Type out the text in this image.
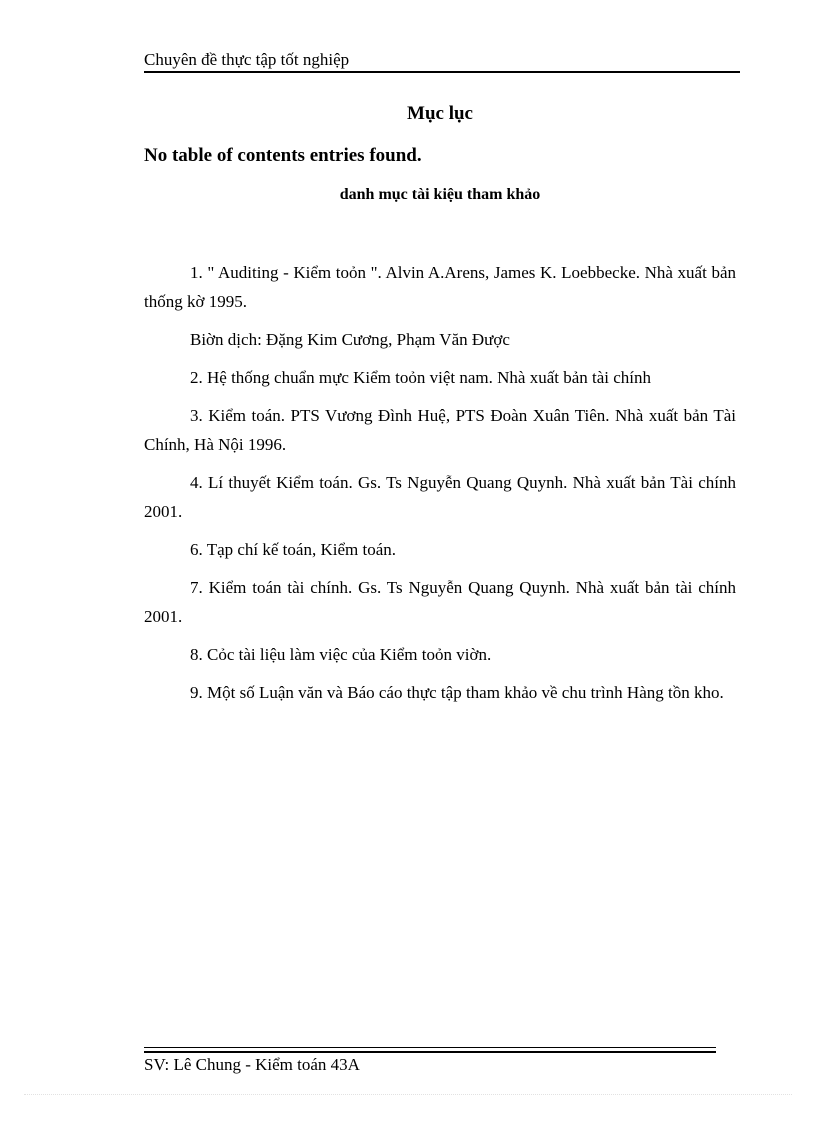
Chuyên đề thực tập tốt nghiệp
Mục lục
No table of contents entries found.
danh mục tài kiệu tham khảo

1. " Auditing - Kiểm toỏn ". Alvin A.Arens, James K. Loebbecke. Nhà xuất bản thống kờ 1995.

Biờn dịch: Đặng Kim Cương, Phạm Văn Được

2. Hệ thống chuẩn mực Kiểm toỏn việt nam. Nhà xuất bản tài chính

3. Kiểm toán. PTS Vương Đình Huệ, PTS Đoàn Xuân Tiên. Nhà xuất bản Tài Chính, Hà Nội 1996.

4. Lí thuyết Kiểm toán. Gs. Ts Nguyễn Quang Quynh. Nhà xuất bản Tài chính 2001.

6. Tạp chí kế toán, Kiểm toán.

7. Kiểm toán tài chính. Gs. Ts Nguyễn Quang Quynh. Nhà xuất bản tài chính 2001.

8. Cỏc tài liệu làm việc của Kiểm toỏn viờn.

9. Một số Luận văn và Báo cáo thực tập tham khảo về chu trình Hàng tồn kho.

SV: Lê Chung - Kiểm toán 43A
